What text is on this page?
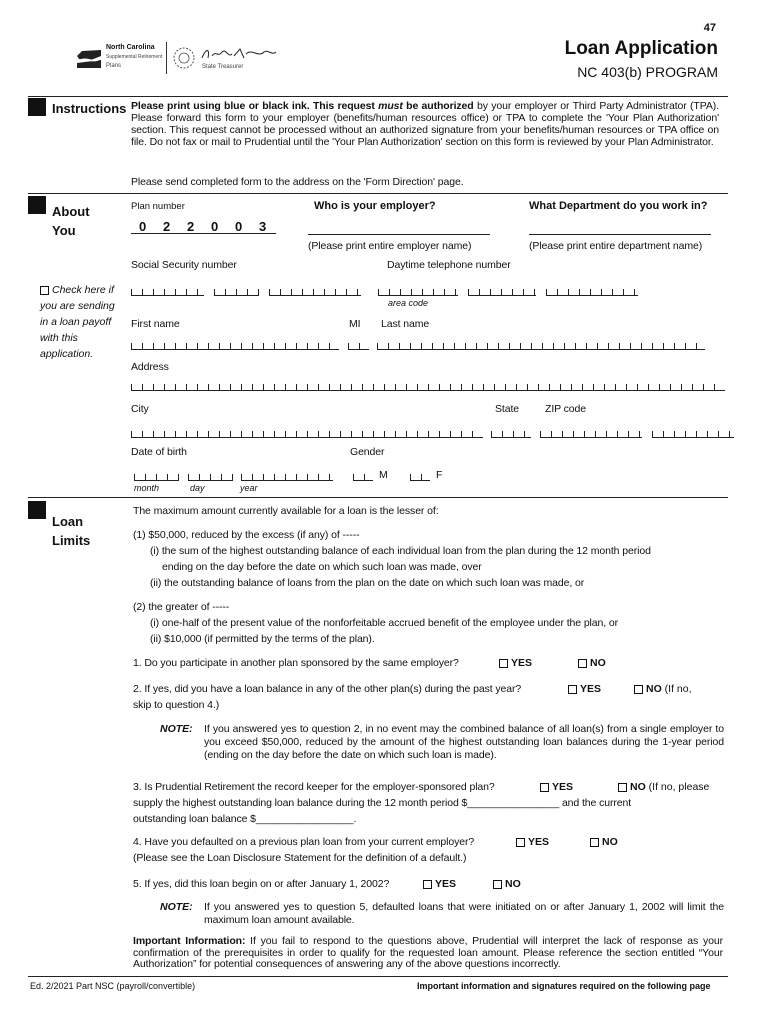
47
Loan Application
NC 403(b) PROGRAM
North Carolina
Supplemental Retirement
Plans	State Treasurer
Instructions Please print using blue or black ink. This request must be authorized by your employer or Third Party Administrator (TPA). Please forward this form to your employer (benefits/human resources office) or TPA to complete the 'Your Plan Authorization' section. This request cannot be processed without an authorized signature from your benefits/human resources or TPA office on file. Do not fax or mail to Prudential until the 'Your Plan Authorization' section on this form is reviewed by your Plan Administrator.

Please send completed form to the address on the 'Form Direction' page.

About
You
Check here if you are sending in a loan payoff with this application.

Plan number

0 2 2 0 0 3

Who is your employer?	What Department do you work in?

(Please print entire employer name)	(Please print entire department name)

Social Security number	Daytime telephone number

area code

First name	MI Last name

Address

City	State ZIP code

Date of birth	Gender

month	day	year

M	F

Loan
Limits

The maximum amount currently available for a loan is the lesser of:

(1) $50,000, reduced by the excess (if any) of -----

(i) the sum of the highest outstanding balance of each individual loan from the plan during the 12 month period

ending on the day before the date on which such loan was made, over

(ii) the outstanding balance of loans from the plan on the date on which such loan was made, or

(2) the greater of -----

(i) one-half of the present value of the nonforfeitable accrued benefit of the employee under the plan, or

(ii) $10,000 (if permitted by the terms of the plan).

1. Do you participate in another plan sponsored by the same employer?	YES	NO

2. If yes, did you have a loan balance in any of the other plan(s) during the past year?	YES	NO (If no,

skip to question 4.)

NOTE: If you answered yes to question 2, in no event may the combined balance of all loan(s) from a single employer to you exceed $50,000, reduced by the amount of the highest outstanding loan balances during the 1-year period (ending on the day before the date on which such loan is made).

3. Is Prudential Retirement the record keeper for the employer-sponsored plan?	YES	NO (If no, please

supply the highest outstanding loan balance during the 12 month period $________________ and the current

outstanding loan balance $_________________.

4. Have you defaulted on a previous plan loan from your current employer?	YES	NO

(Please see the Loan Disclosure Statement for the definition of a default.)

5. If yes, did this loan begin on or after January 1, 2002?	YES	NO

NOTE: If you answered yes to question 5, defaulted loans that were initiated on or after January 1, 2002 will limit the maximum loan amount available.
Important Information: If you fail to respond to the questions above, Prudential will interpret the lack of response as your confirmation of the prerequisites in order to qualify for the requested loan amount. Please reference the section entitled “Your Authorization” for potential consequences of answering any of the above questions incorrectly.

Ed. 2/2021 Part NSC (payroll/convertible)	Important information and signatures required on the following page
